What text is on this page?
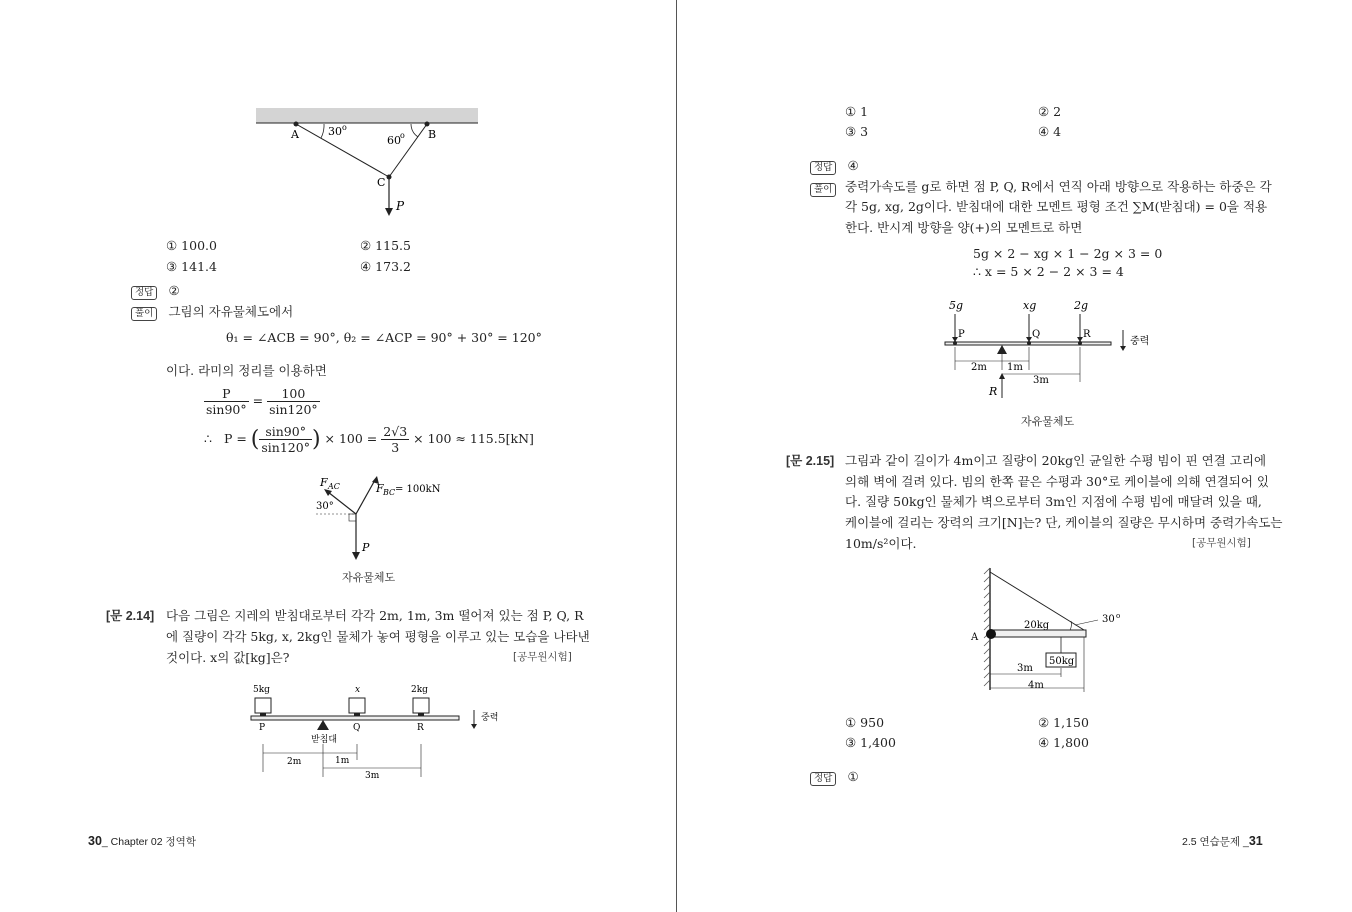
A	B
C
30 o
60 o
P
① 100.0	② 115.5
③ 141.4	④ 173.2
정답 ②
풀이 그림의 자유물체도에서
θ₁ = ∠ACB = 90°, θ₂ = ∠ACP = 90° + 30° = 120°
이다. 라미의 정리를 이용하면
$\frac{P}{\sin 90^\circ} = \frac{100}{\sin 120^\circ}$
∴ P = ( $\frac{\sin 90^\circ}{\sin 120^\circ}$ ) × $100 = \frac{2√3}{3} \times 100 \approx 115.5[kN]$
F AC	F BC = 100kN
30°
P
자유물체도
[문 2.14] 다음 그림은 지레의 받침대로부터 각각 2m, 1m, 3m 떨어져 있는 점 P, Q, R
에 질량이 각각 5kg, x, 2kg인 물체가 놓여 평형을 이루고 있는 모습을 나타낸
것이다. x의 값[kg]은?	[공무원시험]
5kg	x	2kg
P	Q	R
받침대
중력
2m	1m
3m
30_ Chapter 02 정역학
① 1	② 2
③ 3	④ 4
정답 ④
풀이	중력가속도를 g로 하면 점 P, Q, R에서 연직 아래 방향으로 작용하는 하중은 각
각 5g, xg, 2g이다. 받침대에 대한 모멘트 평형 조건 ∑M(받침대) = 0을 적용
한다. 반시계 방향을 양(+)의 모멘트로 하면
5g × 2 − xg × 1 − 2g × 3 = 0
∴ x = 5 × 2 − 2 × 3 = 4
5g	xg	2g
P	Q	R
중력
2m 1m
3m
R
자유물체도
[문 2.15] 그림과 같이 길이가 4m이고 질량이 20kg인 균일한 수평 빔이 핀 연결 고리에
의해 벽에 걸려 있다. 빔의 한쪽 끝은 수평과 30°로 케이블에 의해 연결되어 있
다. 질량 50kg인 물체가 벽으로부터 3m인 지점에 수평 빔에 매달려 있을 때,
케이블에 걸리는 장력의 크기[N]는? 단, 케이블의 질량은 무시하며 중력가속도는
10m/s²이다.	[공무원시험]
30 o
20kg
A
50kg
3m
4m
① 950	② 1,150
③ 1,400	④ 1,800
정답 ①
2.5 연습문제 _31
